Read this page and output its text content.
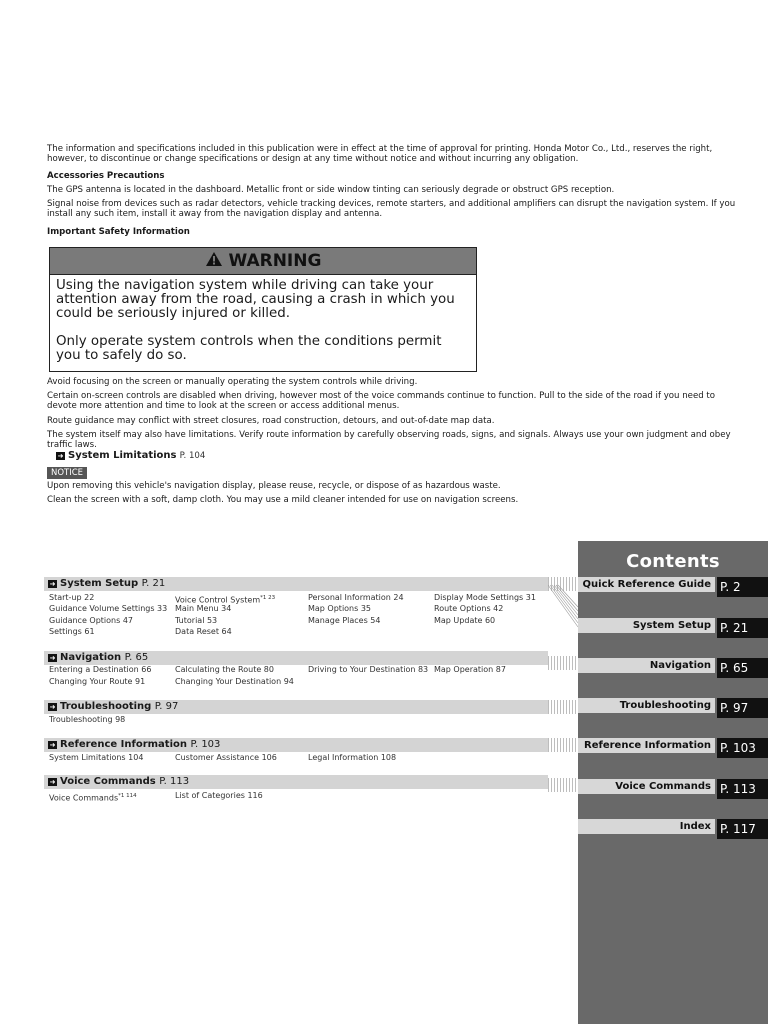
The information and specifications included in this publication were in effect at the time of approval for printing. Honda Motor Co., Ltd., reserves the right, however, to discontinue or change specifications or design at any time without notice and without incurring any obligation.
Accessories Precautions
The GPS antenna is located in the dashboard. Metallic front or side window tinting can seriously degrade or obstruct GPS reception.
Signal noise from devices such as radar detectors, vehicle tracking devices, remote starters, and additional amplifiers can disrupt the navigation system. If you install any such item, install it away from the navigation display and antenna.
Important Safety Information
WARNING

Using the navigation system while driving can take your attention away from the road, causing a crash in which you could be seriously injured or killed.

Only operate system controls when the conditions permit you to safely do so.

Avoid focusing on the screen or manually operating the system controls while driving.
Certain on-screen controls are disabled when driving, however most of the voice commands continue to function. Pull to the side of the road if you need to devote more attention and time to look at the screen or access additional menus.
Route guidance may conflict with street closures, road construction, detours, and out-of-date map data.
The system itself may also have limitations. Verify route information by carefully observing roads, signs, and signals. Always use your own judgment and obey traffic laws.
➜ System Limitations P. 104
NOTICE
Upon removing this vehicle's navigation display, please reuse, recycle, or dispose of as hazardous waste.
Clean the screen with a soft, damp cloth. You may use a mild cleaner intended for use on navigation screens.
➜ System Setup P. 21
Start-up 22	Voice Control System$^{*1 23}$	Personal Information 24	Display Mode Settings 31
Guidance Volume Settings 33 Main Menu 34	Map Options 35	Route Options 42
Guidance Options 47	Tutorial 53	Manage Places 54	Map Update 60
Settings 61	Data Reset 64
➜ Navigation P. 65
Entering a Destination 66	Calculating the Route 80	Driving to Your Destination 83 Map Operation 87
Changing Your Route 91	Changing Your Destination 94
➜ Troubleshooting P. 97
Troubleshooting 98
➜ Reference Information P. 103
System Limitations 104	Customer Assistance 106	Legal Information 108
➜ Voice Commands P. 113
Voice Commands$^{*1 114}$	List of Categories 116
Contents
Quick Reference Guide P. 2
System Setup P. 21
Navigation P. 65
Troubleshooting P. 97
Reference Information P. 103
Voice Commands P. 113
Index P. 117
